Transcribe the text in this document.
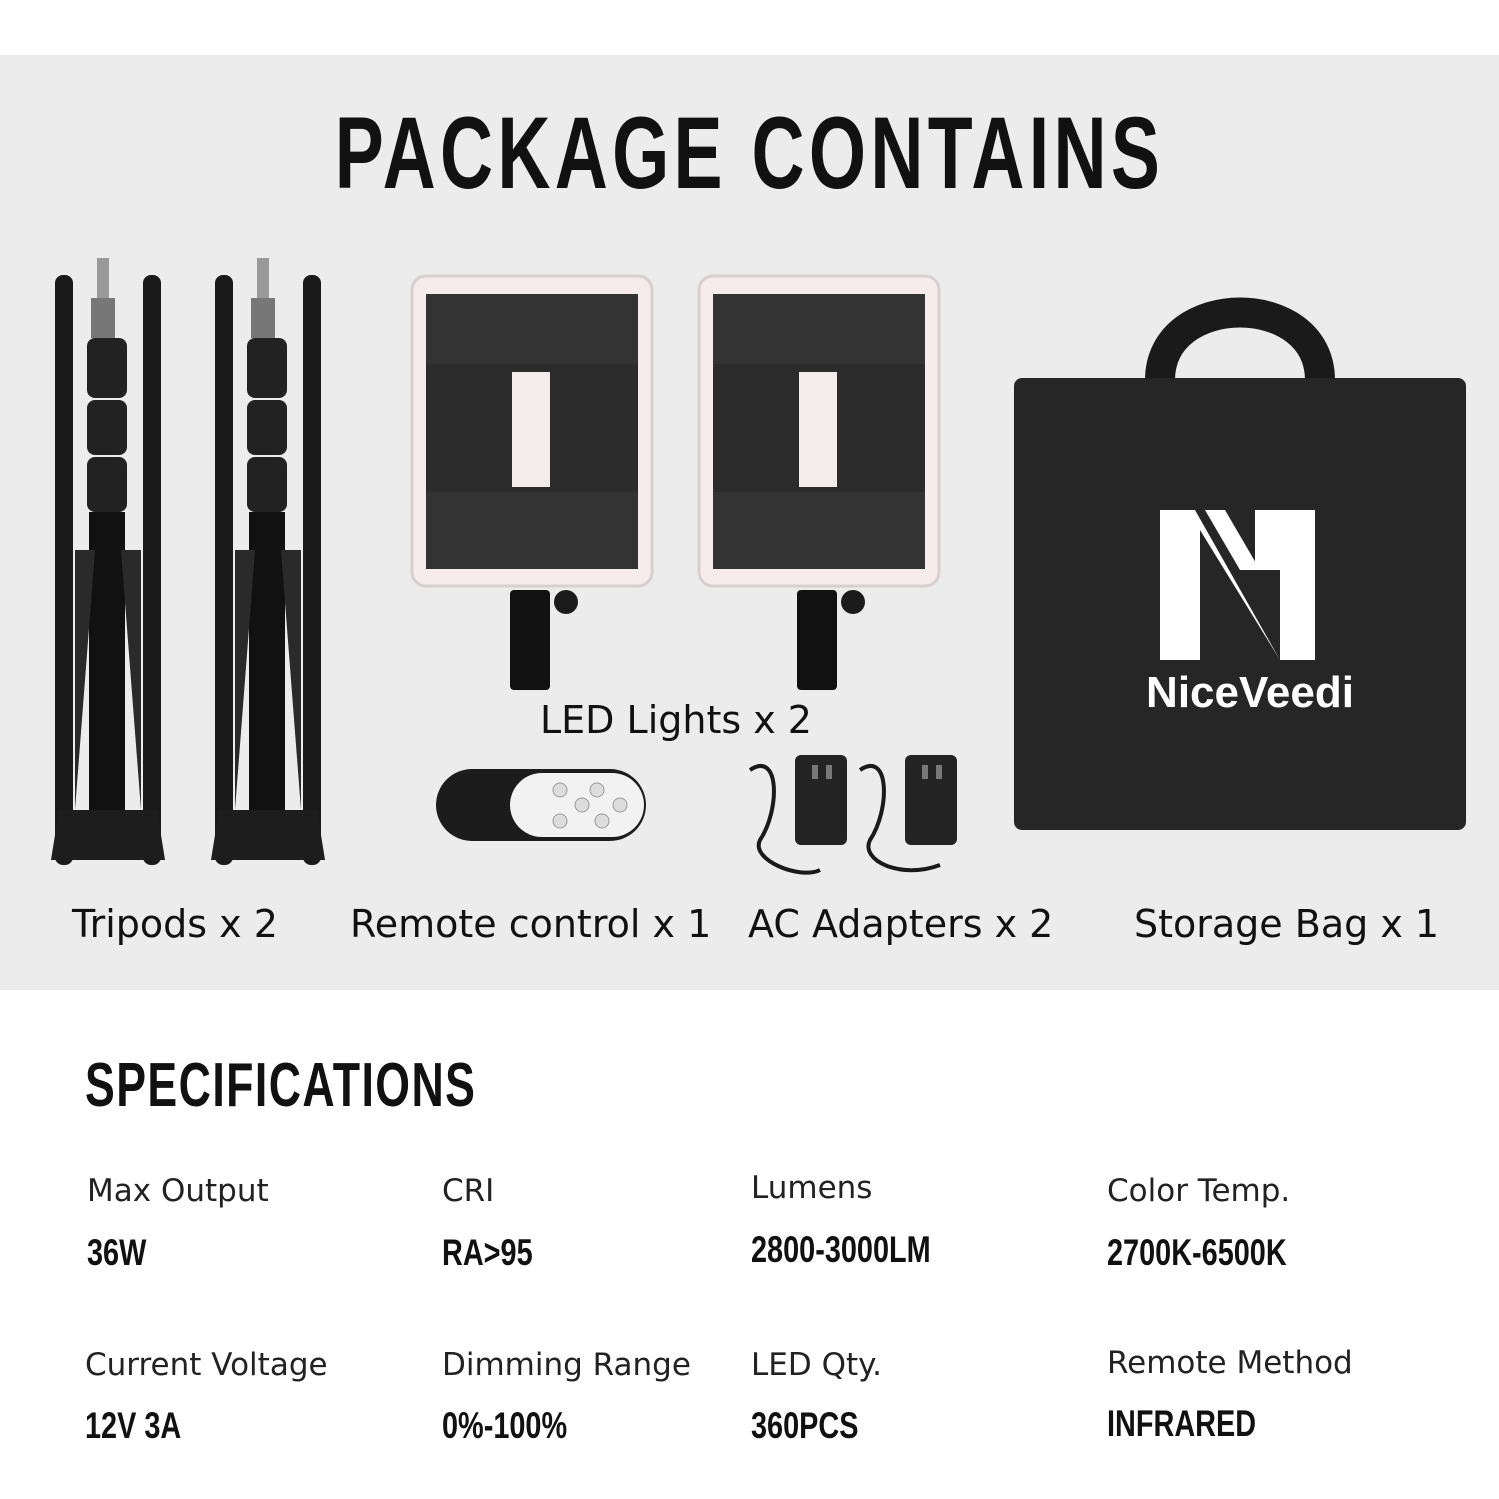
PACKAGE CONTAINS
LED Lights x 2
NiceVeedi
Tripods x 2 Remote control x 1 AC Adapters x 2 Storage Bag x 1
SPECIFICATIONS
Max Output
36W
CRI
RA>95
Lumens
2800-3000LM
Color Temp.
2700K-6500K
Current Voltage
12V 3A
Dimming Range
0%-100%
LED Qty.
360PCS
Remote Method
INFRARED
